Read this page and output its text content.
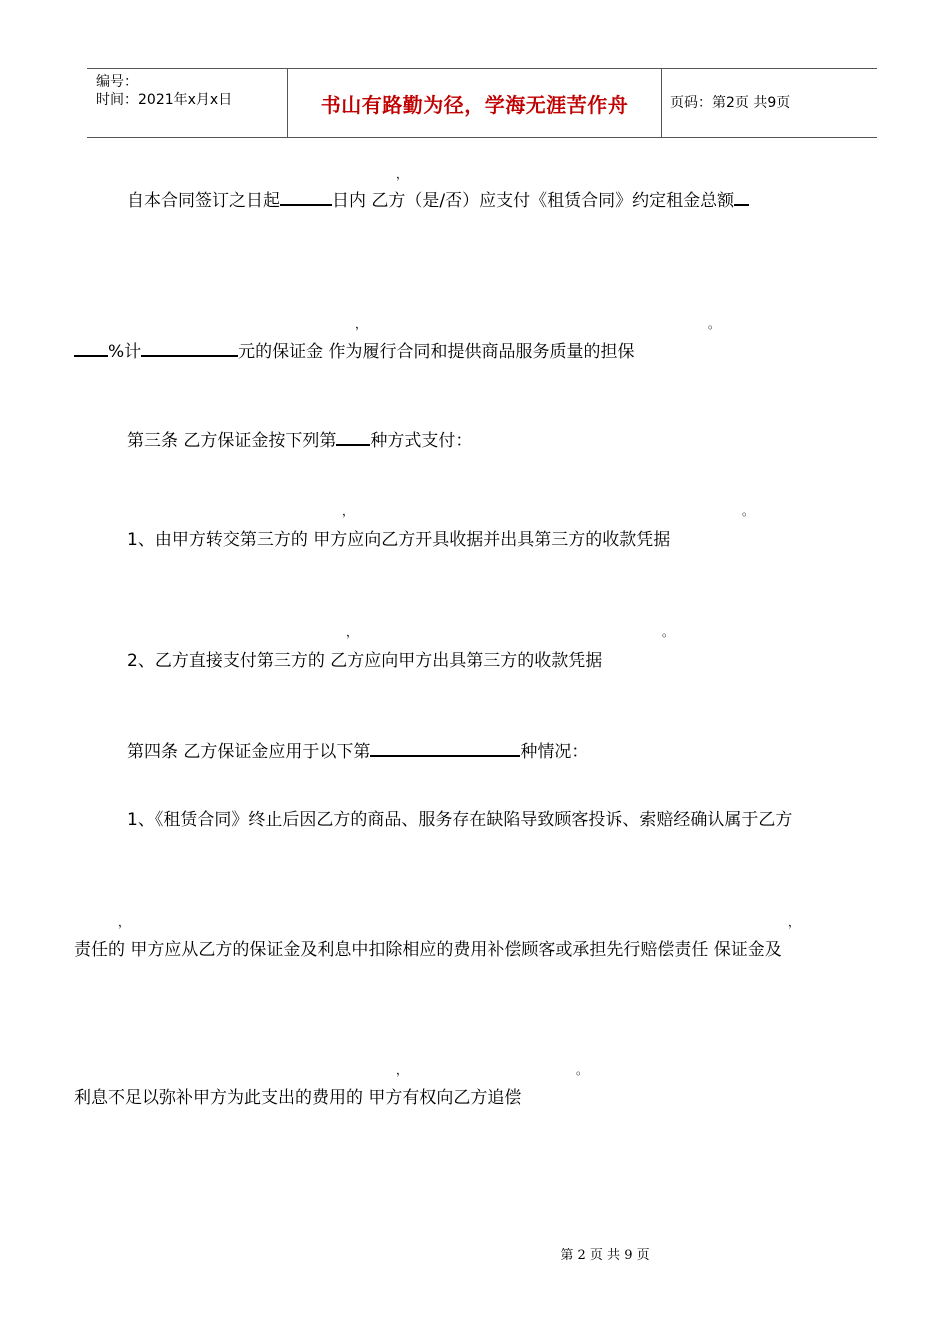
编号：
时间：2021年x月x日	书山有路勤为径，学海无涯苦作舟	页码：第2页 共9页
，
自本合同签订之日起	日内 乙方（是/否）应支付《租赁合同》约定租金总额
，	。
%计	元的保证金 作为履行合同和提供商品服务质量的担保
第三条 乙方保证金按下列第 种方式支付：
，	。
1、由甲方转交第三方的 甲方应向乙方开具收据并出具第三方的收款凭据
，	。
2、乙方直接支付第三方的 乙方应向甲方出具第三方的收款凭据
第四条 乙方保证金应用于以下第	种情况：
1、《租赁合同》终止后因乙方的商品、服务存在缺陷导致顾客投诉、索赔经确认属于乙方
，	，
责任的 甲方应从乙方的保证金及利息中扣除相应的费用补偿顾客或承担先行赔偿责任 保证金及
，	。
利息不足以弥补甲方为此支出的费用的 甲方有权向乙方追偿
第 2 页 共 9 页
